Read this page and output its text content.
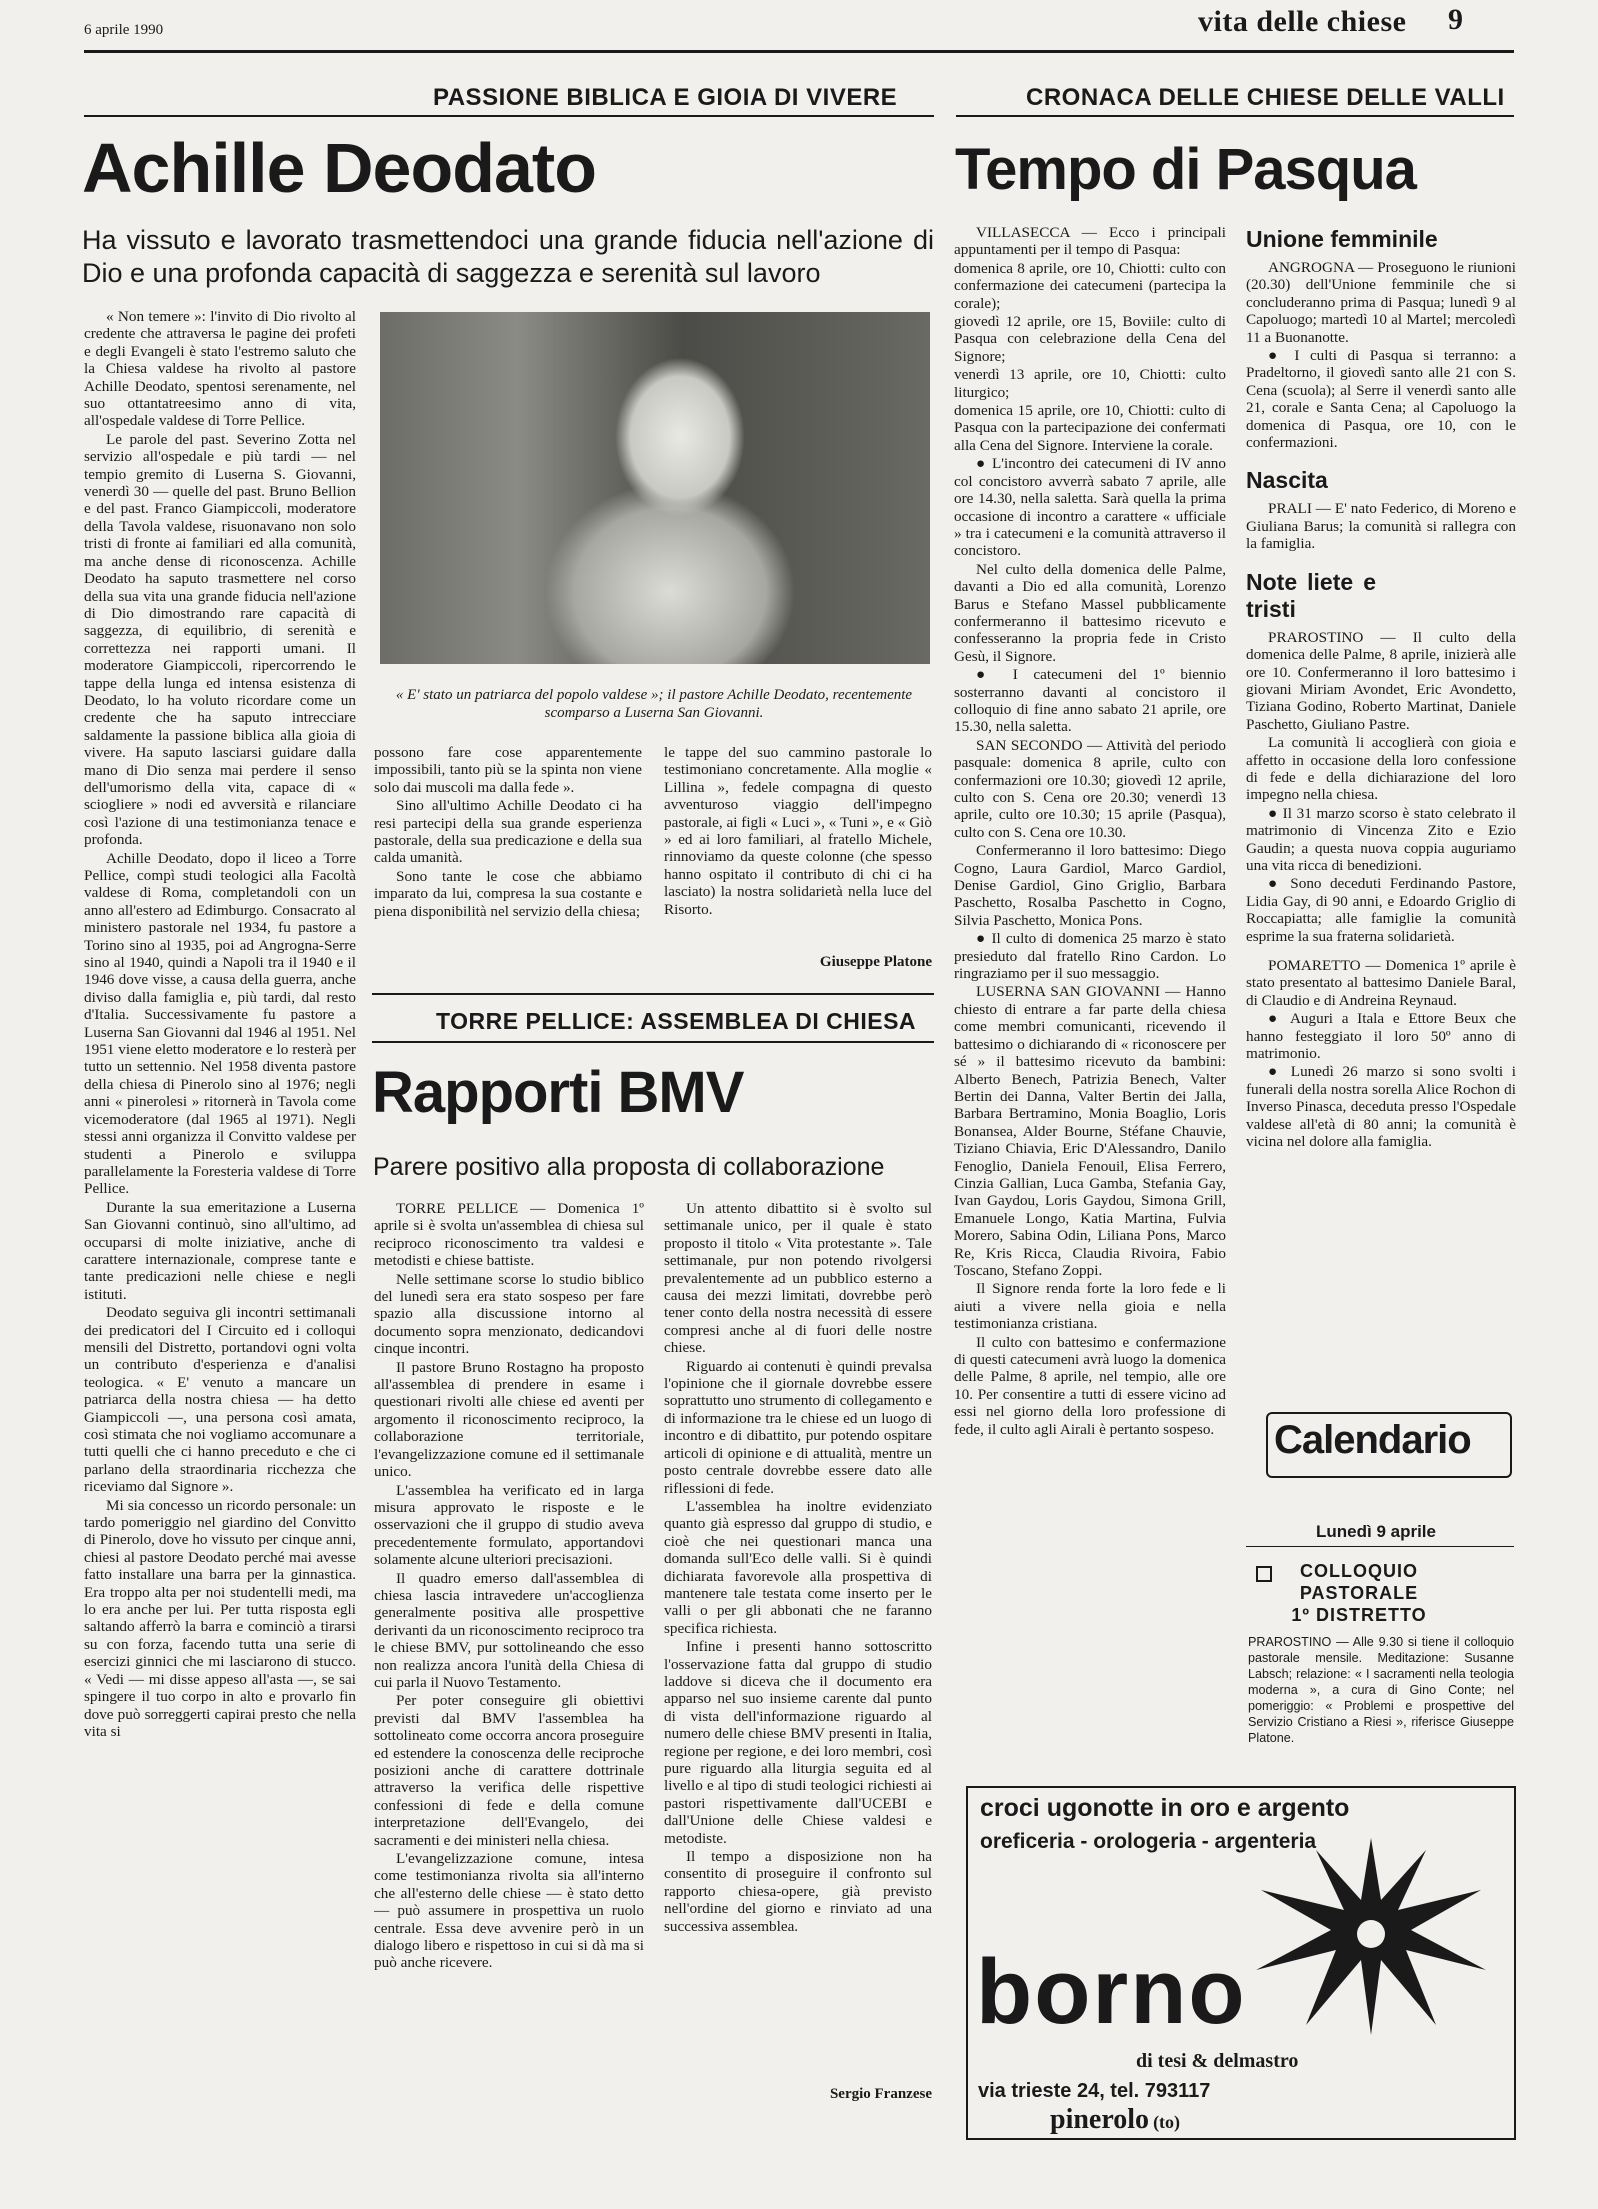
6 aprile 1990	vita delle chiese 9
PASSIONE BIBLICA E GIOIA DI VIVERE
Achille Deodato
Ha vissuto e lavorato trasmettendoci una grande fiducia nell'azione di Dio e una profonda capacità di saggezza e serenità sul lavoro

« Non temere »: l'invito di Dio rivolto al credente che attraversa le pagine dei profeti e degli Evangeli è stato l'estremo saluto che la Chiesa valdese ha rivolto al pastore Achille Deodato, spentosi serenamente, nel suo ottantatreesimo anno di vita, all'ospedale valdese di Torre Pellice.

Le parole del past. Severino Zotta nel servizio all'ospedale e più tardi — nel tempio gremito di Luserna S. Giovanni, venerdì 30 — quelle del past. Bruno Bellion e del past. Franco Giampiccoli, moderatore della Tavola valdese, risuonavano non solo tristi di fronte ai familiari ed alla comunità, ma anche dense di riconoscenza. Achille Deodato ha saputo trasmettere nel corso della sua vita una grande fiducia nell'azione di Dio dimostrando rare capacità di saggezza, di equilibrio, di serenità e correttezza nei rapporti umani. Il moderatore Giampiccoli, ripercorrendo le tappe della lunga ed intensa esistenza di Deodato, lo ha voluto ricordare come un credente che ha saputo intrecciare saldamente la passione biblica alla gioia di vivere. Ha saputo lasciarsi guidare dalla mano di Dio senza mai perdere il senso dell'umorismo della vita, capace di « sciogliere » nodi ed avversità e rilanciare così l'azione di una testimonianza tenace e profonda.

Achille Deodato, dopo il liceo a Torre Pellice, compì studi teologici alla Facoltà valdese di Roma, completandoli con un anno all'estero ad Edimburgo. Consacrato al ministero pastorale nel 1934, fu pastore a Torino sino al 1935, poi ad Angrogna-Serre sino al 1940, quindi a Napoli tra il 1940 e il 1946 dove visse, a causa della guerra, anche diviso dalla famiglia e, più tardi, dal resto d'Italia. Successivamente fu pastore a Luserna San Giovanni dal 1946 al 1951. Nel 1951 viene eletto moderatore e lo resterà per tutto un settennio. Nel 1958 diventa pastore della chiesa di Pinerolo sino al 1976; negli anni « pinerolesi » ritornerà in Tavola come vicemoderatore (dal 1965 al 1971). Negli stessi anni organizza il Convitto valdese per studenti a Pinerolo e sviluppa parallelamente la Foresteria valdese di Torre Pellice.

Durante la sua emeritazione a Luserna San Giovanni continuò, sino all'ultimo, ad occuparsi di molte iniziative, anche di carattere internazionale, comprese tante e tante predicazioni nelle chiese e negli istituti.

Deodato seguiva gli incontri settimanali dei predicatori del I Circuito ed i colloqui mensili del Distretto, portandovi ogni volta un contributo d'esperienza e d'analisi teologica. « E' venuto a mancare un patriarca della nostra chiesa — ha detto Giampiccoli —, una persona così amata, così stimata che noi vogliamo accomunare a tutti quelli che ci hanno preceduto e che ci parlano della straordinaria ricchezza che riceviamo dal Signore ».

Mi sia concesso un ricordo personale: un tardo pomeriggio nel giardino del Convitto di Pinerolo, dove ho vissuto per cinque anni, chiesi al pastore Deodato perché mai avesse fatto installare una barra per la ginnastica. Era troppo alta per noi studentelli medi, ma lo era anche per lui. Per tutta risposta egli saltando afferrò la barra e cominciò a tirarsi su con forza, facendo tutta una serie di esercizi ginnici che mi lasciarono di stucco. « Vedi — mi disse appeso all'asta —, se sai spingere il tuo corpo in alto e provarlo fin dove può sorreggerti capirai presto che nella vita si

« E' stato un patriarca del popolo valdese »; il pastore Achille Deodato, recentemente scomparso a Luserna San Giovanni.

possono fare cose apparentemente impossibili, tanto più se la spinta non viene solo dai muscoli ma dalla fede ».

Sino all'ultimo Achille Deodato ci ha resi partecipi della sua grande esperienza pastorale, della sua predicazione e della sua calda umanità.

Sono tante le cose che abbiamo imparato da lui, compresa la sua costante e piena disponibilità nel servizio della chiesa;

le tappe del suo cammino pastorale lo testimoniano concretamente. Alla moglie « Lillina », fedele compagna di questo avventuroso viaggio dell'impegno pastorale, ai figli « Luci », « Tuni », e « Giò » ed ai loro familiari, al fratello Michele, rinnoviamo da queste colonne (che spesso hanno ospitato il contributo di chi ci ha lasciato) la nostra solidarietà nella luce del Risorto.

Giuseppe Platone
TORRE PELLICE: ASSEMBLEA DI CHIESA
Rapporti BMV
Parere positivo alla proposta di collaborazione

TORRE PELLICE — Domenica 1º aprile si è svolta un'assemblea di chiesa sul reciproco riconoscimento tra valdesi e metodisti e chiese battiste.

Nelle settimane scorse lo studio biblico del lunedì sera era stato sospeso per fare spazio alla discussione intorno al documento sopra menzionato, dedicandovi cinque incontri.

Il pastore Bruno Rostagno ha proposto all'assemblea di prendere in esame i questionari rivolti alle chiese ed aventi per argomento il riconoscimento reciproco, la collaborazione territoriale, l'evangelizzazione comune ed il settimanale unico.

L'assemblea ha verificato ed in larga misura approvato le risposte e le osservazioni che il gruppo di studio aveva precedentemente formulato, apportandovi solamente alcune ulteriori precisazioni.

Il quadro emerso dall'assemblea di chiesa lascia intravedere un'accoglienza generalmente positiva alle prospettive derivanti da un riconoscimento reciproco tra le chiese BMV, pur sottolineando che esso non realizza ancora l'unità della Chiesa di cui parla il Nuovo Testamento.

Per poter conseguire gli obiettivi previsti dal BMV l'assemblea ha sottolineato come occorra ancora proseguire ed estendere la conoscenza delle reciproche posizioni anche di carattere dottrinale attraverso la verifica delle rispettive confessioni di fede e della comune interpretazione dell'Evangelo, dei sacramenti e dei ministeri nella chiesa.

L'evangelizzazione comune, intesa come testimonianza rivolta sia all'interno che all'esterno delle chiese — è stato detto — può assumere in prospettiva un ruolo centrale. Essa deve avvenire però in un dialogo libero e rispettoso in cui si dà ma si può anche ricevere.

Un attento dibattito si è svolto sul settimanale unico, per il quale è stato proposto il titolo « Vita protestante ». Tale settimanale, pur non potendo rivolgersi prevalentemente ad un pubblico esterno a causa dei mezzi limitati, dovrebbe però tener conto della nostra necessità di essere compresi anche al di fuori delle nostre chiese.

Riguardo ai contenuti è quindi prevalsa l'opinione che il giornale dovrebbe essere soprattutto uno strumento di collegamento e di informazione tra le chiese ed un luogo di incontro e di dibattito, pur potendo ospitare articoli di opinione e di attualità, mentre un posto centrale dovrebbe essere dato alle riflessioni di fede.

L'assemblea ha inoltre evidenziato quanto già espresso dal gruppo di studio, e cioè che nei questionari manca una domanda sull'Eco delle valli. Si è quindi dichiarata favorevole alla prospettiva di mantenere tale testata come inserto per le valli o per gli abbonati che ne faranno specifica richiesta.

Infine i presenti hanno sottoscritto l'osservazione fatta dal gruppo di studio laddove si diceva che il documento era apparso nel suo insieme carente dal punto di vista dell'informazione riguardo al numero delle chiese BMV presenti in Italia, regione per regione, e dei loro membri, così pure riguardo alla liturgia seguita ed al livello e al tipo di studi teologici richiesti ai pastori rispettivamente dall'UCEBI e dall'Unione delle Chiese valdesi e metodiste.

Il tempo a disposizione non ha consentito di proseguire il confronto sul rapporto chiesa-opere, già previsto nell'ordine del giorno e rinviato ad una successiva assemblea.

Sergio Franzese
CRONACA DELLE CHIESE DELLE VALLI
Tempo di Pasqua

VILLASECCA — Ecco i principali appuntamenti per il tempo di Pasqua:

domenica 8 aprile, ore 10, Chiotti: culto con confermazione dei catecumeni (partecipa la corale);

giovedì 12 aprile, ore 15, Boviile: culto di Pasqua con celebrazione della Cena del Signore;

venerdì 13 aprile, ore 10, Chiotti: culto liturgico;

domenica 15 aprile, ore 10, Chiotti: culto di Pasqua con la partecipazione dei confermati alla Cena del Signore. Interviene la corale.

● L'incontro dei catecumeni di IV anno col concistoro avverrà sabato 7 aprile, alle ore 14.30, nella saletta. Sarà quella la prima occasione di incontro a carattere « ufficiale » tra i catecumeni e la comunità attraverso il concistoro.

Nel culto della domenica delle Palme, davanti a Dio ed alla comunità, Lorenzo Barus e Stefano Massel pubblicamente confermeranno il battesimo ricevuto e confesseranno la propria fede in Cristo Gesù, il Signore.

● I catecumeni del 1º biennio sosterranno davanti al concistoro il colloquio di fine anno sabato 21 aprile, ore 15.30, nella saletta.

SAN SECONDO — Attività del periodo pasquale: domenica 8 aprile, culto con confermazioni ore 10.30; giovedì 12 aprile, culto con S. Cena ore 20.30; venerdì 13 aprile, culto ore 10.30; 15 aprile (Pasqua), culto con S. Cena ore 10.30.

Confermeranno il loro battesimo: Diego Cogno, Laura Gardiol, Marco Gardiol, Denise Gardiol, Gino Griglio, Barbara Paschetto, Rosalba Paschetto in Cogno, Silvia Paschetto, Monica Pons.

● Il culto di domenica 25 marzo è stato presieduto dal fratello Rino Cardon. Lo ringraziamo per il suo messaggio.

LUSERNA SAN GIOVANNI — Hanno chiesto di entrare a far parte della chiesa come membri comunicanti, ricevendo il battesimo o dichiarando di « riconoscere per sé » il battesimo ricevuto da bambini: Alberto Benech, Patrizia Benech, Valter Bertin dei Danna, Valter Bertin dei Jalla, Barbara Bertramino, Monia Boaglio, Loris Bonansea, Alder Bourne, Stéfane Chauvie, Tiziano Chiavia, Eric D'Alessandro, Danilo Fenoglio, Daniela Fenouil, Elisa Ferrero, Cinzia Gallian, Luca Gamba, Stefania Gay, Ivan Gaydou, Loris Gaydou, Simona Grill, Emanuele Longo, Katia Martina, Fulvia Morero, Sabina Odin, Liliana Pons, Marco Re, Kris Ricca, Claudia Rivoira, Fabio Toscano, Stefano Zoppi.

Il Signore renda forte la loro fede e li aiuti a vivere nella gioia e nella testimonianza cristiana.

Il culto con battesimo e confermazione di questi catecumeni avrà luogo la domenica delle Palme, 8 aprile, nel tempio, alle ore 10. Per consentire a tutti di essere vicino ad essi nel giorno della loro professione di fede, il culto agli Airali è pertanto sospeso.

Unione femminile

ANGROGNA — Proseguono le riunioni (20.30) dell'Unione femminile che si concluderanno prima di Pasqua; lunedì 9 al Capoluogo; martedì 10 al Martel; mercoledì 11 a Buonanotte.

● I culti di Pasqua si terranno: a Pradeltorno, il giovedì santo alle 21 con S. Cena (scuola); al Serre il venerdì santo alle 21, corale e Santa Cena; al Capoluogo la domenica di Pasqua, ore 10, con le confermazioni.

Nascita

PRALI — E' nato Federico, di Moreno e Giuliana Barus; la comunità si rallegra con la famiglia.

Note liete e tristi

PRAROSTINO — Il culto della domenica delle Palme, 8 aprile, inizierà alle ore 10. Confermeranno il loro battesimo i giovani Miriam Avondet, Eric Avondetto, Tiziana Godino, Roberto Martinat, Daniele Paschetto, Giuliano Pastre.

La comunità li accoglierà con gioia e affetto in occasione della loro confessione di fede e della dichiarazione del loro impegno nella chiesa.

● Il 31 marzo scorso è stato celebrato il matrimonio di Vincenza Zito e Ezio Gaudin; a questa nuova coppia auguriamo una vita ricca di benedizioni.

● Sono deceduti Ferdinando Pastore, Lidia Gay, di 90 anni, e Edoardo Griglio di Roccapiatta; alle famiglie la comunità esprime la sua fraterna solidarietà.

POMARETTO — Domenica 1º aprile è stato presentato al battesimo Daniele Baral, di Claudio e di Andreina Reynaud.

● Auguri a Itala e Ettore Beux che hanno festeggiato il loro 50º anno di matrimonio.

● Lunedì 26 marzo si sono svolti i funerali della nostra sorella Alice Rochon di Inverso Pinasca, deceduta presso l'Ospedale valdese all'età di 80 anni; la comunità è vicina nel dolore alla famiglia.

Calendario
Lunedì 9 aprile
COLLOQUIO
PASTORALE
1º DISTRETTO
PRAROSTINO — Alle 9.30 si tiene il colloquio pastorale mensile. Meditazione: Susanne Labsch; relazione: « I sacramenti nella teologia moderna », a cura di Gino Conte; nel pomeriggio: « Problemi e prospettive del Servizio Cristiano a Riesi », riferisce Giuseppe Platone.
croci ugonotte in oro e argento
oreficeria - orologeria - argenteria
borno
di tesi & delmastro
via trieste 24, tel. 793117
pinerolo (to)
